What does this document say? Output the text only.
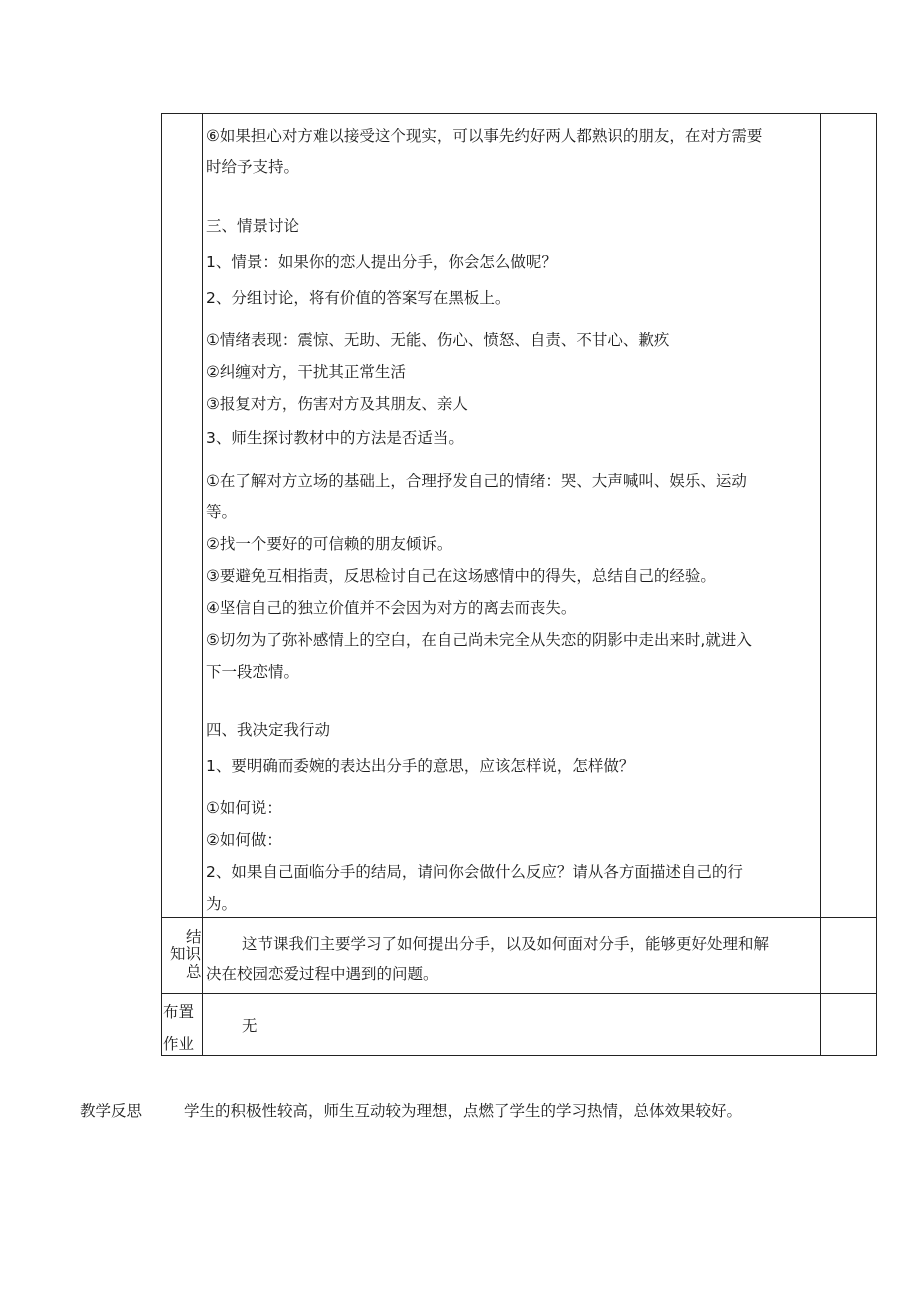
⑥如果担心对方难以接受这个现实，可以事先约好两人都熟识的朋友，在对方需要
时给予支持。
三、情景讨论
1、情景：如果你的恋人提出分手，你会怎么做呢？
2、分组讨论，将有价值的答案写在黑板上。
①情绪表现：震惊、无助、无能、伤心、愤怒、自责、不甘心、歉疚
②纠缠对方，干扰其正常生活
③报复对方，伤害对方及其朋友、亲人
3、师生探讨教材中的方法是否适当。
①在了解对方立场的基础上，合理抒发自己的情绪：哭、大声喊叫、娱乐、运动
等。
②找一个要好的可信赖的朋友倾诉。
③要避免互相指责，反思检讨自己在这场感情中的得失，总结自己的经验。
④坚信自己的独立价值并不会因为对方的离去而丧失。
⑤切勿为了弥补感情上的空白，在自己尚未完全从失恋的阴影中走出来时,就进入
下一段恋情。
四、我决定我行动
1、要明确而委婉的表达出分手的意思，应该怎样说，怎样做？
①如何说：
②如何做：
2、如果自己面临分手的结局，请问你会做什么反应？请从各方面描述自己的行
为。
结
知识
总
这节课我们主要学习了如何提出分手，以及如何面对分手，能够更好处理和解
决在校园恋爱过程中遇到的问题。
布置
作业
无
教学反思	学生的积极性较高，师生互动较为理想，点燃了学生的学习热情，总体效果较好。
